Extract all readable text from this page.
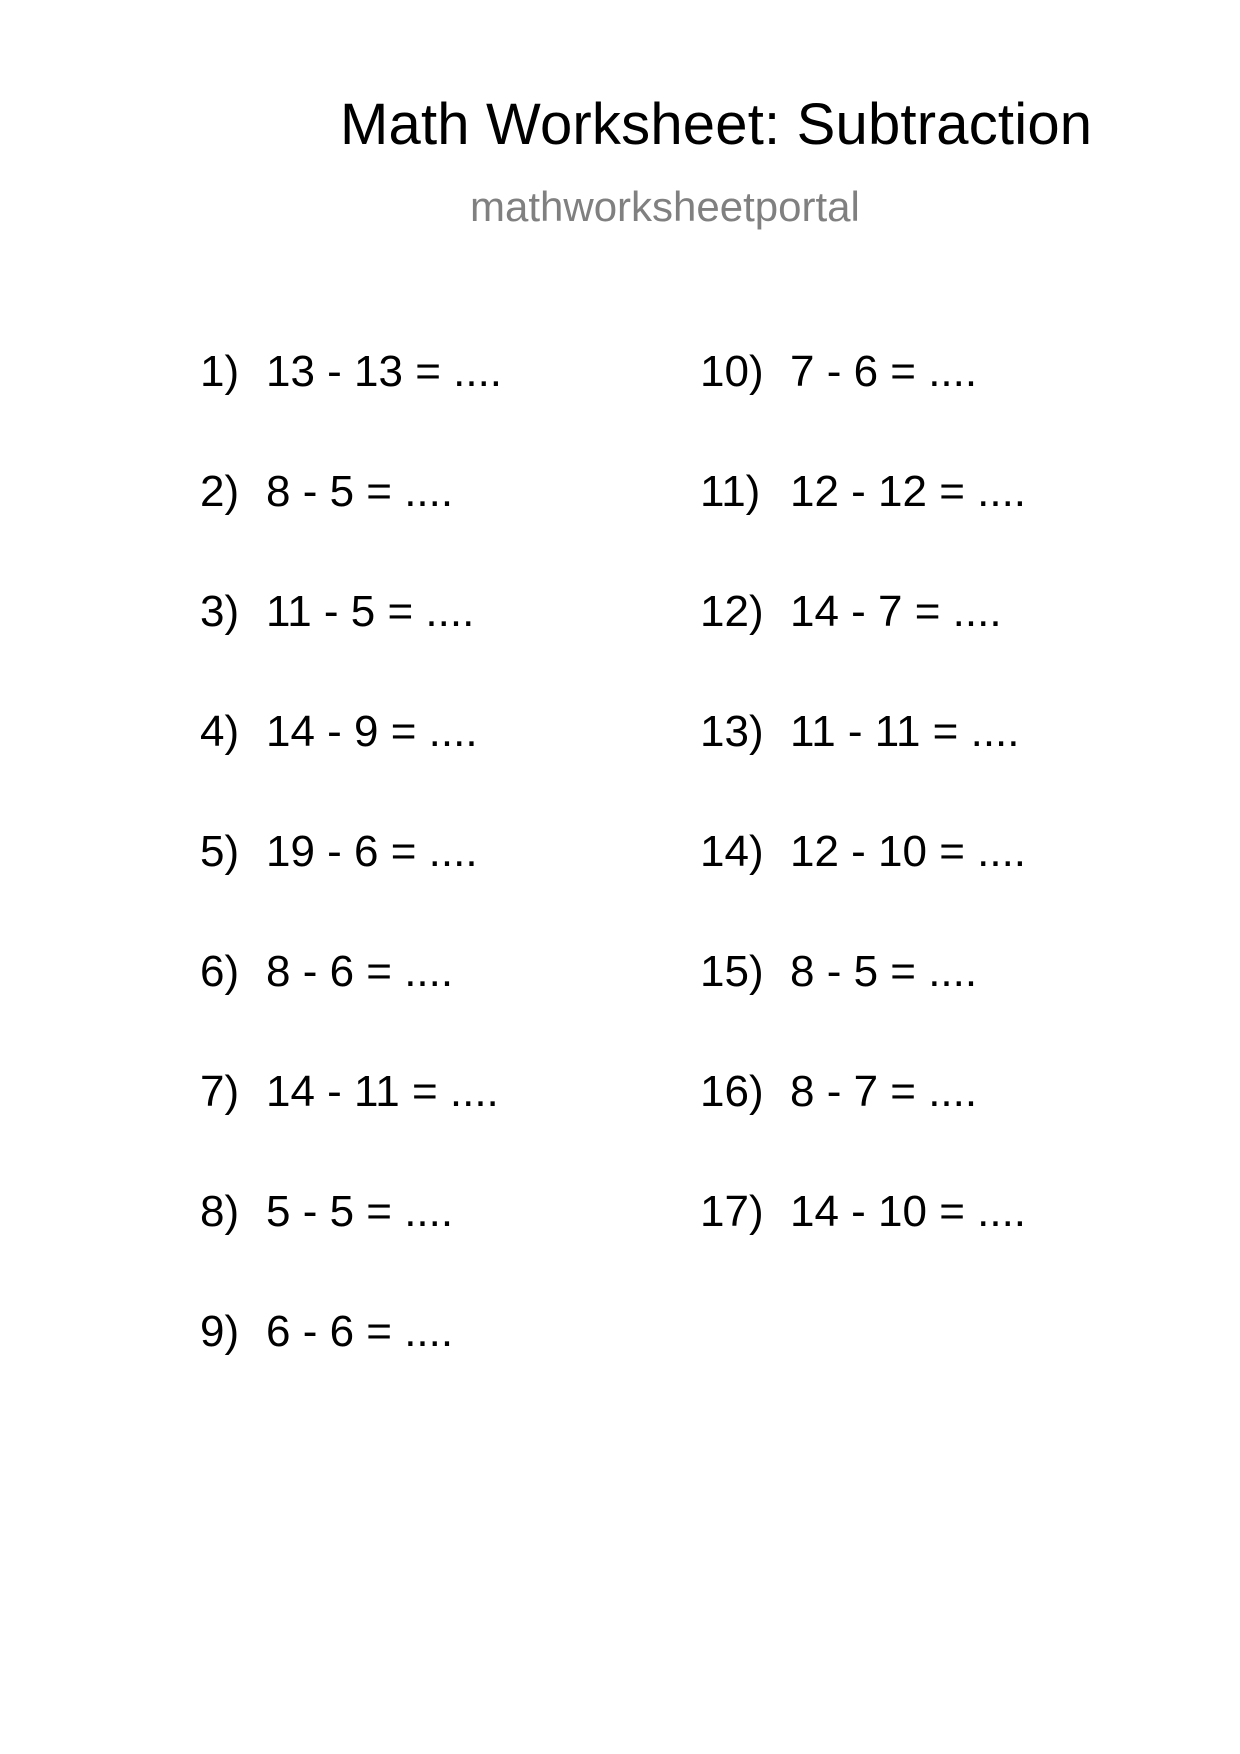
Math Worksheet: Subtraction
mathworksheetportal
1) 13 - 13 = ....
2) 8 - 5 = ....
3) 11 - 5 = ....
4) 14 - 9 = ....
5) 19 - 6 = ....
6) 8 - 6 = ....
7) 14 - 11 = ....
8) 5 - 5 = ....
9) 6 - 6 = ....
10) 7 - 6 = ....
11) 12 - 12 = ....
12) 14 - 7 = ....
13) 11 - 11 = ....
14) 12 - 10 = ....
15) 8 - 5 = ....
16) 8 - 7 = ....
17) 14 - 10 = ....
